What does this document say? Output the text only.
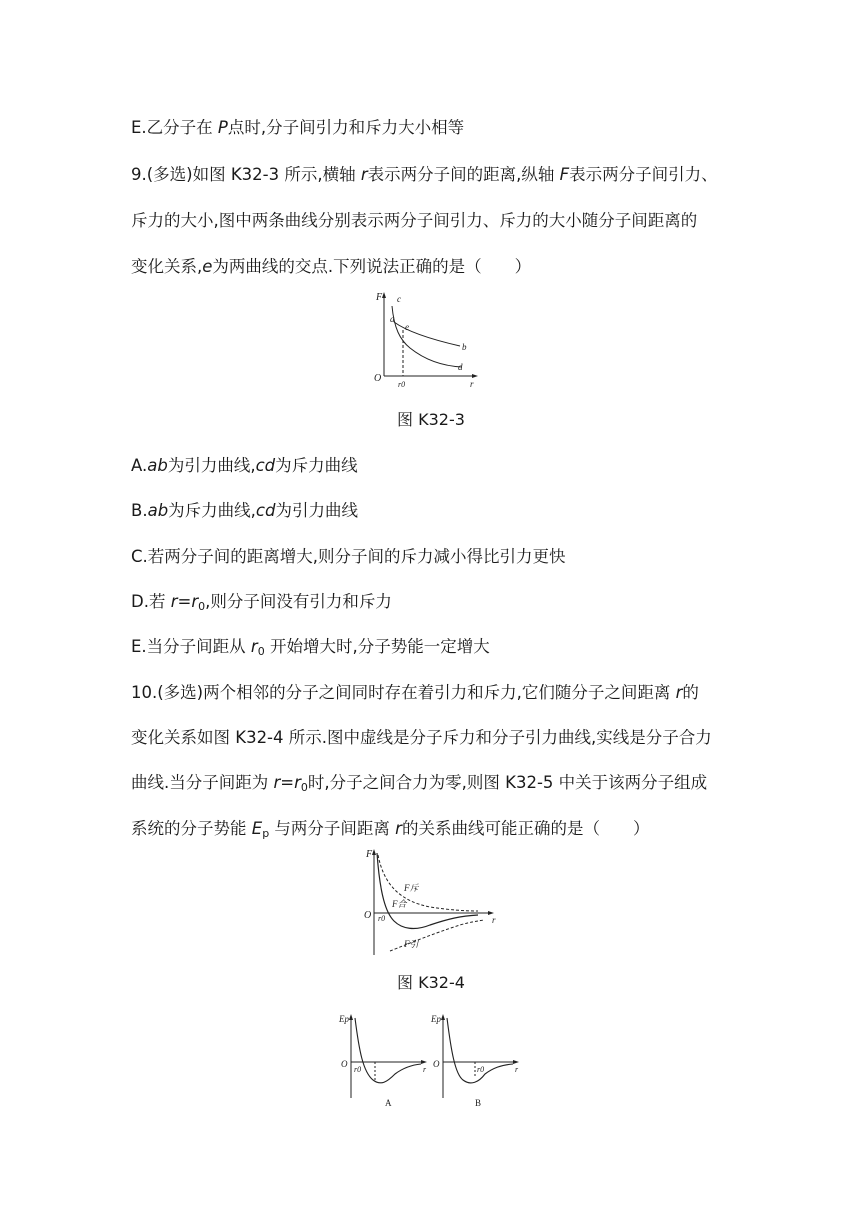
E.乙分子在 P点时,分子间引力和斥力大小相等
9.(多选)如图 K32-3 所示,横轴 r表示两分子间的距离,纵轴 F表示两分子间引力、
斥力的大小,图中两条曲线分别表示两分子间引力、斥力的大小随分子间距离的
变化关系,e为两曲线的交点.下列说法正确的是（　　）
F c
a
e
b
d
O
r0	r
图 K32-3
A.ab为引力曲线,cd为斥力曲线
B.ab为斥力曲线,cd为引力曲线
C.若两分子间的距离增大,则分子间的斥力减小得比引力更快
D.若 $r=r_0$,则分子间没有引力和斥力
E.当分子间距从 $r_0$ 开始增大时,分子势能一定增大
10.(多选)两个相邻的分子之间同时存在着引力和斥力,它们随分子之间距离 r的
变化关系如图 K32-4 所示.图中虚线是分子斥力和分子引力曲线,实线是分子合力
曲线.当分子间距为 $r=r_0$时,分子之间合力为零,则图 K32-5 中关于该两分子组成
系统的分子势能 $E_p$ 与两分子间距离 r的关系曲线可能正确的是（　　）
F
F斥
F合
O r0	r
F引
图 K32-4
Ep
O
r0	r
A
Ep
O
r0	r
B
